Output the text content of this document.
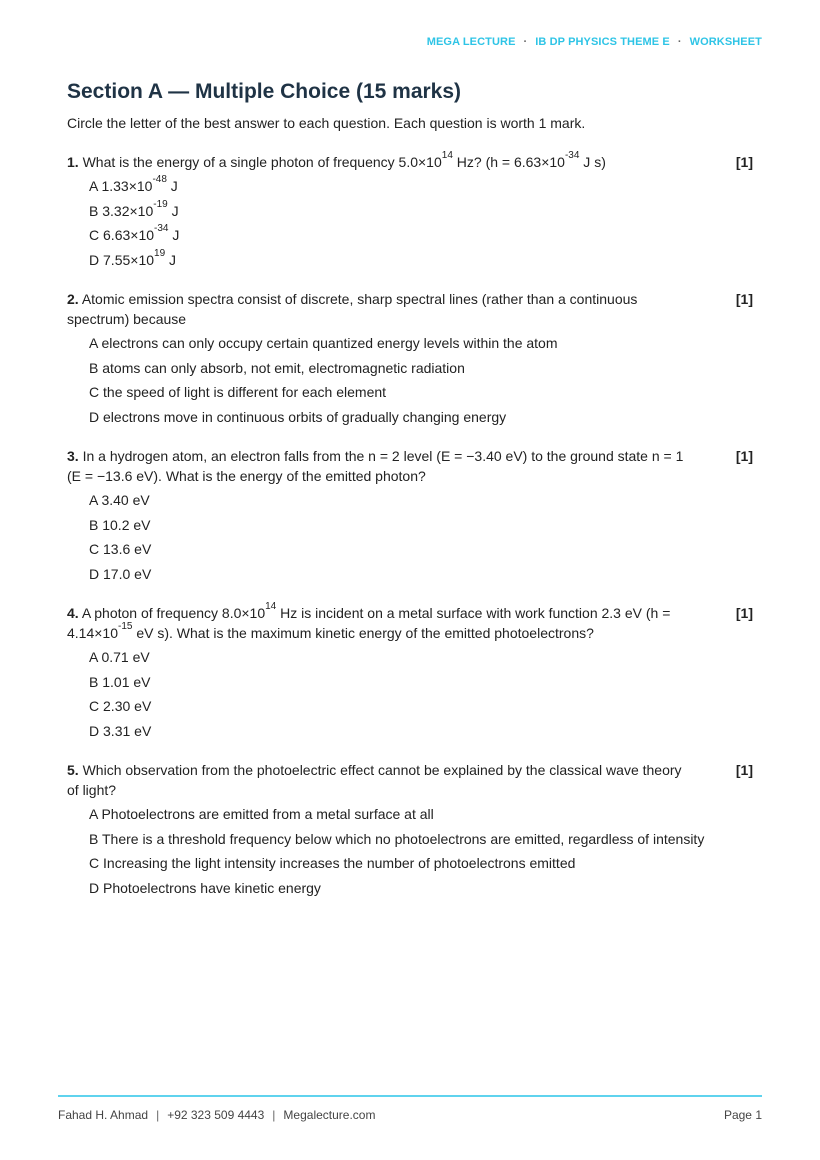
MEGA LECTURE · IB DP PHYSICS THEME E · WORKSHEET
Section A — Multiple Choice (15 marks)
Circle the letter of the best answer to each question. Each question is worth 1 mark.
1. What is the energy of a single photon of frequency $5.0\times 10^{14}$ Hz? ($h = 6.63\times 10^{-34}$ J s)	[1]
A $1.33\times 10^{-48}$ J
B $3.32\times 10^{-19}$ J
C $6.63\times 10^{-34}$ J
D $7.55\times 10^{19}$ J
2. Atomic emission spectra consist of discrete, sharp spectral lines (rather than a continuous spectrum) because
[1]
A electrons can only occupy certain quantized energy levels within the atom
B atoms can only absorb, not emit, electromagnetic radiation
C the speed of light is different for each element
D electrons move in continuous orbits of gradually changing energy
3. In a hydrogen atom, an electron falls from the n = 2 level (E = −3.40 eV) to the ground state n = 1 (E = −13.6 eV). What is the energy of the emitted photon?
[1]
A 3.40 eV
B 10.2 eV
C 13.6 eV
D 17.0 eV
4. A photon of frequency $8.0\times 10^{14}$ Hz is incident on a metal surface with work function 2.3 eV ($h = 4.14\times 10^{-15}$ eV s). What is the maximum kinetic energy of the emitted photoelectrons?
[1]
A 0.71 eV
B 1.01 eV
C 2.30 eV
D 3.31 eV
5. Which observation from the photoelectric effect cannot be explained by the classical wave theory of light?
[1]
A Photoelectrons are emitted from a metal surface at all
B There is a threshold frequency below which no photoelectrons are emitted, regardless of intensity
C Increasing the light intensity increases the number of photoelectrons emitted
D Photoelectrons have kinetic energy
Fahad H. Ahmad | +92 323 509 4443 | Megalecture.com	Page 1
